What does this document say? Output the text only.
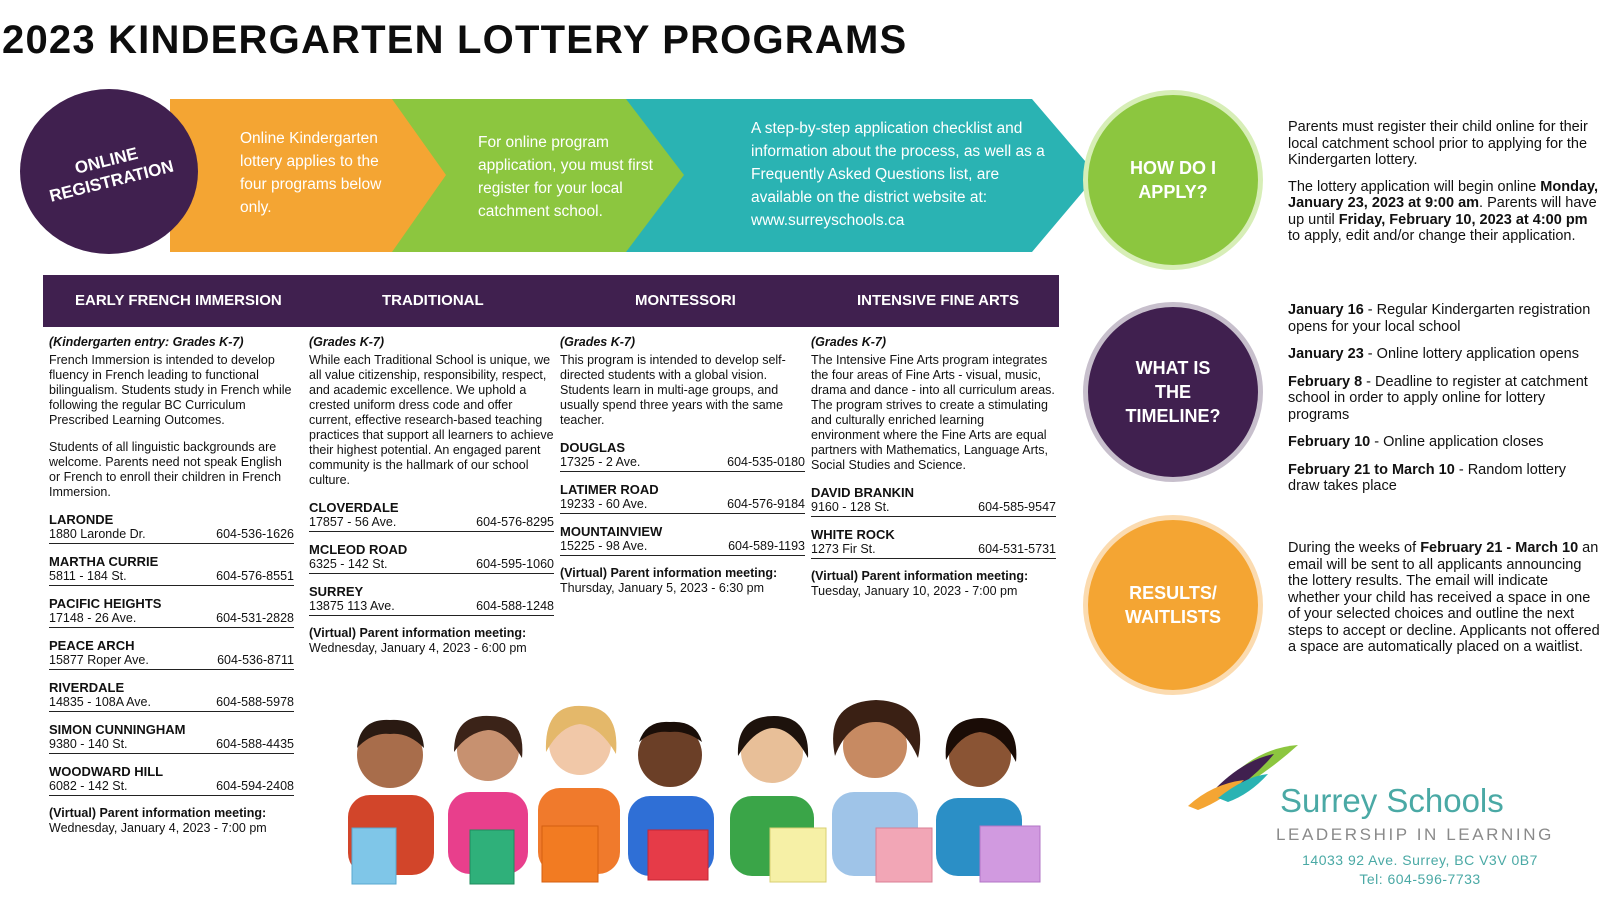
2023 KINDERGARTEN LOTTERY PROGRAMS
ONLINE REGISTRATION
Online Kindergarten lottery applies to the four programs below only.
For online program application, you must first register for your local catchment school.
A step-by-step application checklist and information about the process, as well as a Frequently Asked Questions list, are available on the district website at: www.surreyschools.ca
HOW DO I APPLY?
WHAT IS THE TIMELINE?
RESULTS/ WAITLISTS

Parents must register their child online for their local catchment school prior to applying for the Kindergarten lottery.

The lottery application will begin online Monday, January 23, 2023 at 9:00 am. Parents will have up until Friday, February 10, 2023 at 4:00 pm to apply, edit and/or change their application.

January 16 - Regular Kindergarten registration opens for your local school

January 23 - Online lottery application opens

February 8 - Deadline to register at catchment school in order to apply online for lottery programs

February 10 - Online application closes

February 21 to March 10 - Random lottery draw takes place

During the weeks of February 21 - March 10 an email will be sent to all applicants announcing the lottery results. The email will indicate whether your child has received a space in one of your selected choices and outline the next steps to accept or decline. Applicants not offered a space are automatically placed on a waitlist.

EARLY FRENCH IMMERSION	TRADITIONAL	MONTESSORI	INTENSIVE FINE ARTS
(Kindergarten entry: Grades K-7)
French Immersion is intended to develop fluency in French leading to functional bilingualism. Students study in French while following the regular BC Curriculum Prescribed Learning Outcomes.
Students of all linguistic backgrounds are welcome. Parents need not speak English or French to enroll their children in French Immersion.
LARONDE
1880 Laronde Dr.	604-536-1626
MARTHA CURRIE
5811 - 184 St.	604-576-8551
PACIFIC HEIGHTS
17148 - 26 Ave.	604-531-2828
PEACE ARCH
15877 Roper Ave.	604-536-8711
RIVERDALE
14835 - 108A Ave.	604-588-5978
SIMON CUNNINGHAM
9380 - 140 St.	604-588-4435
WOODWARD HILL
6082 - 142 St.	604-594-2408
(Virtual) Parent information meeting:
Wednesday, January 4, 2023 - 7:00 pm
(Grades K-7)
While each Traditional School is unique, we all value citizenship, responsibility, respect, and academic excellence. We uphold a crested uniform dress code and offer current, effective research-based teaching practices that support all learners to achieve their highest potential. An engaged parent community is the hallmark of our school culture.
CLOVERDALE
17857 - 56 Ave.	604-576-8295
MCLEOD ROAD
6325 - 142 St.	604-595-1060
SURREY
13875 113 Ave.	604-588-1248
(Virtual) Parent information meeting:
Wednesday, January 4, 2023 - 6:00 pm
(Grades K-7)
This program is intended to develop self-directed students with a global vision. Students learn in multi-age groups, and usually spend three years with the same teacher.
DOUGLAS
17325 - 2 Ave.	604-535-0180
LATIMER ROAD
19233 - 60 Ave.	604-576-9184
MOUNTAINVIEW
15225 - 98 Ave.	604-589-1193
(Virtual) Parent information meeting:
Thursday, January 5, 2023 - 6:30 pm
(Grades K-7)
The Intensive Fine Arts program integrates the four areas of Fine Arts - visual, music, drama and dance - into all curriculum areas. The program strives to create a stimulating and culturally enriched learning environment where the Fine Arts are equal partners with Mathematics, Language Arts, Social Studies and Science.
DAVID BRANKIN
9160 - 128 St.	604-585-9547
WHITE ROCK
1273 Fir St.	604-531-5731
(Virtual) Parent information meeting:
Tuesday, January 10, 2023 - 7:00 pm
Surrey Schools
LEADERSHIP IN LEARNING
14033 92 Ave. Surrey, BC V3V 0B7
Tel: 604-596-7733
